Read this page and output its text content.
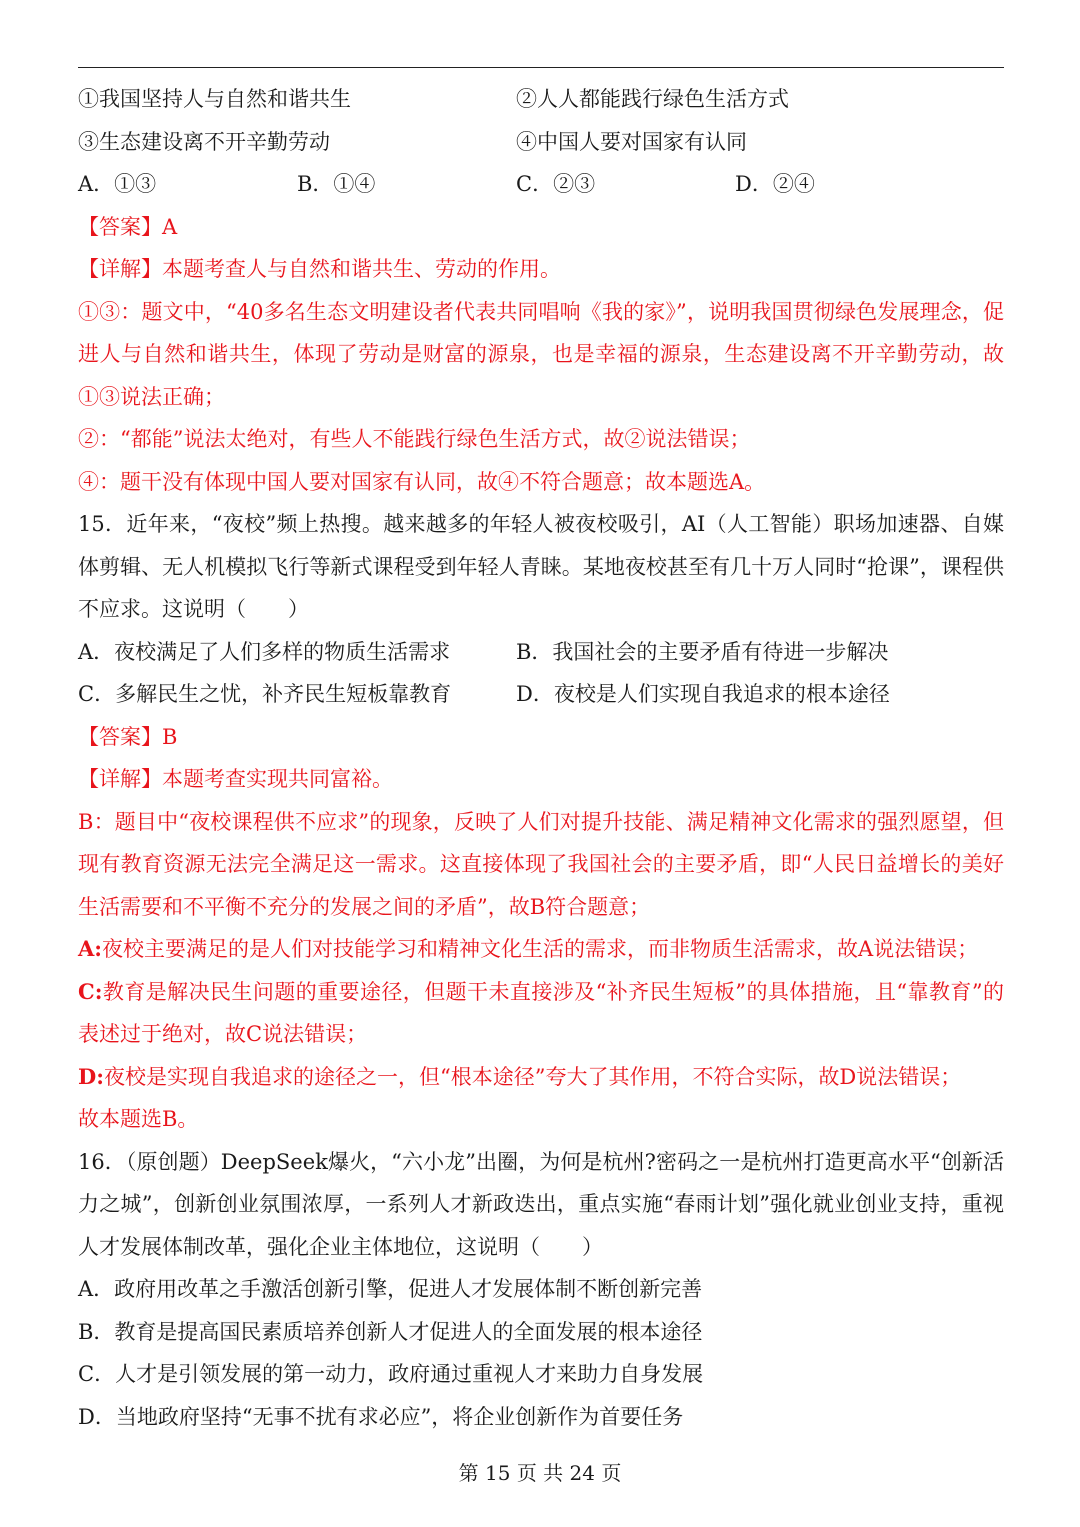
①我国坚持人与自然和谐共生	②人人都能践行绿色生活方式
③生态建设离不开辛勤劳动	④中国人要对国家有认同
A．①③	B．①④	C．②③	D．②④
【答案】A
【详解】本题考查人与自然和谐共生、劳动的作用。
①③：题文中，“40多名生态文明建设者代表共同唱响《我的家》”，说明我国贯彻绿色发展理念，促进人与自然和谐共生，体现了劳动是财富的源泉，也是幸福的源泉，生态建设离不开辛勤劳动，故①③说法正确；
②：“都能”说法太绝对，有些人不能践行绿色生活方式，故②说法错误；
④：题干没有体现中国人要对国家有认同，故④不符合题意；故本题选A。
15．近年来，“夜校”频上热搜。越来越多的年轻人被夜校吸引，AI（人工智能）职场加速器、自媒体剪辑、无人机模拟飞行等新式课程受到年轻人青睐。某地夜校甚至有几十万人同时“抢课”，课程供不应求。这说明（　　）
A．夜校满足了人们多样的物质生活需求	B．我国社会的主要矛盾有待进一步解决
C．多解民生之忧，补齐民生短板靠教育	D．夜校是人们实现自我追求的根本途径
【答案】B
【详解】本题考查实现共同富裕。
B：题目中“夜校课程供不应求”的现象，反映了人们对提升技能、满足精神文化需求的强烈愿望，但现有教育资源无法完全满足这一需求。这直接体现了我国社会的主要矛盾，即“人民日益增长的美好生活需要和不平衡不充分的发展之间的矛盾”，故B符合题意；
A:夜校主要满足的是人们对技能学习和精神文化生活的需求，而非物质生活需求，故A说法错误；
C:教育是解决民生问题的重要途径，但题干未直接涉及“补齐民生短板”的具体措施，且“靠教育”的表述过于绝对，故C说法错误；
D:夜校是实现自我追求的途径之一，但“根本途径”夸大了其作用，不符合实际，故D说法错误；
故本题选B。
16．（原创题）DeepSeek爆火，“六小龙”出圈，为何是杭州?密码之一是杭州打造更高水平“创新活力之城”，创新创业氛围浓厚，一系列人才新政迭出，重点实施“春雨计划”强化就业创业支持，重视人才发展体制改革，强化企业主体地位，这说明（　　）
A．政府用改革之手激活创新引擎，促进人才发展体制不断创新完善
B．教育是提高国民素质培养创新人才促进人的全面发展的根本途径
C．人才是引领发展的第一动力，政府通过重视人才来助力自身发展
D．当地政府坚持“无事不扰有求必应”，将企业创新作为首要任务
第 15 页 共 24 页
